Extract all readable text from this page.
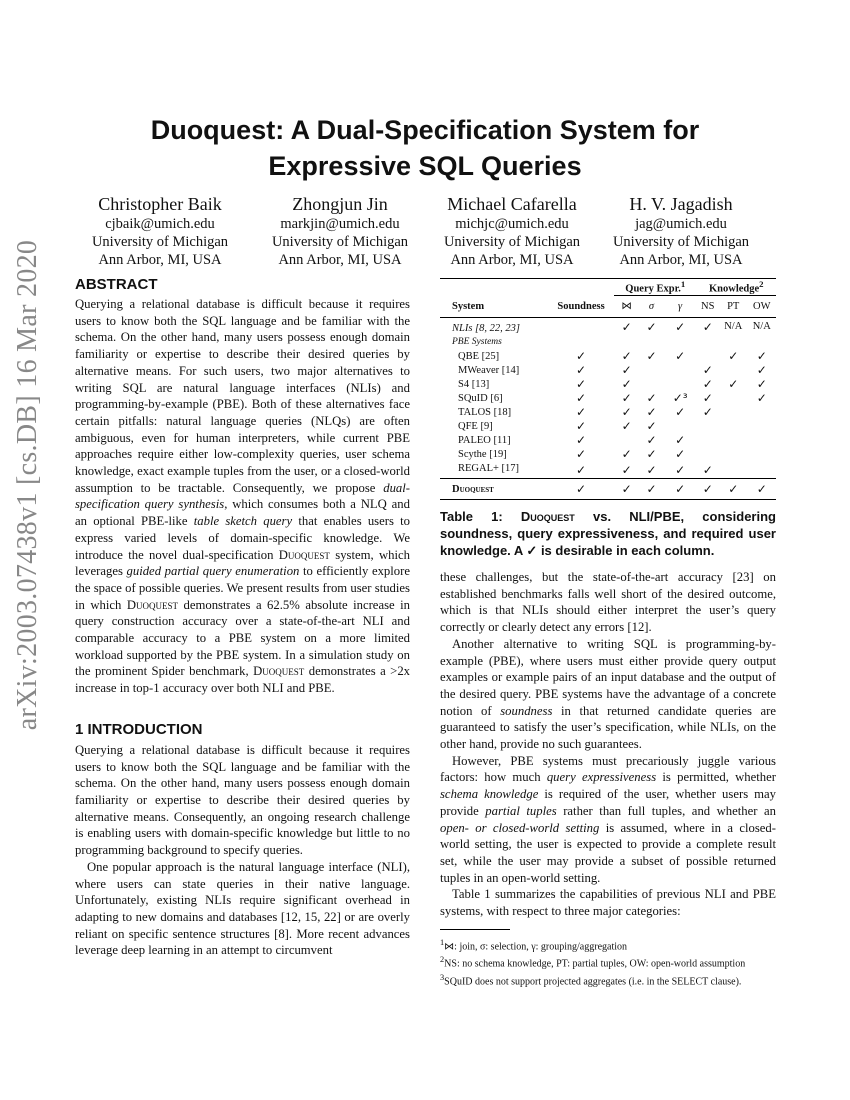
arXiv:2003.07438v1 [cs.DB] 16 Mar 2020
Duoquest: A Dual-Specification System for
Expressive SQL Queries
Christopher Baik
cjbaik@umich.edu
University of Michigan
Ann Arbor, MI, USA
Zhongjun Jin
markjin@umich.edu
University of Michigan
Ann Arbor, MI, USA
Michael Cafarella
michjc@umich.edu
University of Michigan
Ann Arbor, MI, USA
H. V. Jagadish
jag@umich.edu
University of Michigan
Ann Arbor, MI, USA
ABSTRACT

Querying a relational database is difficult because it requires users to know both the SQL language and be familiar with the schema. On the other hand, many users possess enough domain familiarity or expertise to describe their desired queries by alternative means. For such users, two major alternatives to writing SQL are natural language interfaces (NLIs) and programming-by-example (PBE). Both of these alternatives face certain pitfalls: natural language queries (NLQs) are often ambiguous, even for human interpreters, while current PBE approaches require either low-complexity queries, user schema knowledge, exact example tuples from the user, or a closed-world assumption to be tractable. Consequently, we propose dual-specification query synthesis, which consumes both a NLQ and an optional PBE-like table sketch query that enables users to express varied levels of domain-specific knowledge. We introduce the novel dual-specification Duoquest system, which leverages guided partial query enumeration to efficiently explore the space of possible queries. We present results from user studies in which Duoquest demonstrates a 62.5% absolute increase in query construction accuracy over a state-of-the-art NLI and comparable accuracy to a PBE system on a more limited workload supported by the PBE system. In a simulation study on the prominent Spider benchmark, Duoquest demonstrates a >2x increase in top-1 accuracy over both NLI and PBE.

1 INTRODUCTION

Querying a relational database is difficult because it requires users to know both the SQL language and be familiar with the schema. On the other hand, many users possess enough domain familiarity or expertise to describe their desired queries by alternative means. Consequently, an ongoing research challenge is enabling users with domain-specific knowledge but little to no programming background to specify queries.

One popular approach is the natural language interface (NLI), where users can state queries in their native language. Unfortunately, existing NLIs require significant overhead in adapting to new domains and databases [12, 15, 22] or are overly reliant on specific sentence structures [8]. More recent advances leverage deep learning in an attempt to circumvent

		Query Expr.$^1$			Knowledge$^2$
System	Soundness	⋈	σ	γ	NS	PT	OW
NLIs [8, 22, 23]		✓	✓	✓	✓	N/A	N/A
PBE Systems							
QBE [25]	✓	✓	✓	✓		✓	✓
MWeaver [14]	✓	✓			✓		✓
S4 [13]	✓	✓			✓	✓	✓
SQuID [6]	✓	✓	✓	✓³	✓		✓
TALOS [18]	✓	✓	✓	✓	✓		
QFE [9]	✓	✓	✓				
PALEO [11]	✓		✓	✓			
Scythe [19]	✓	✓	✓	✓			
REGAL+ [17]	✓	✓	✓	✓	✓		
Duoquest	✓	✓	✓	✓	✓	✓	✓
Table 1: Duoquest vs. NLI/PBE, considering soundness, query expressiveness, and required user knowledge. A ✓ is desirable in each column.

these challenges, but the state-of-the-art accuracy [23] on established benchmarks falls well short of the desired outcome, which is that NLIs should either interpret the user’s query correctly or clearly detect any errors [12].

Another alternative to writing SQL is programming-by-example (PBE), where users must either provide query output examples or example pairs of an input database and the output of the desired query. PBE systems have the advantage of a concrete notion of soundness in that returned candidate queries are guaranteed to satisfy the user’s specification, while NLIs, on the other hand, provide no such guarantees.

However, PBE systems must precariously juggle various factors: how much query expressiveness is permitted, whether schema knowledge is required of the user, whether users may provide partial tuples rather than full tuples, and whether an open- or closed-world setting is assumed, where in a closed-world setting, the user is expected to provide a complete result set, while the user may provide a subset of possible returned tuples in an open-world setting.

Table 1 summarizes the capabilities of previous NLI and PBE systems, with respect to three major categories:

$^1$⋈: join, σ: selection, γ: grouping/aggregation
$^2$NS: no schema knowledge, PT: partial tuples, OW: open-world assumption
$^3$SQuID does not support projected aggregates (i.e. in the SELECT clause).
